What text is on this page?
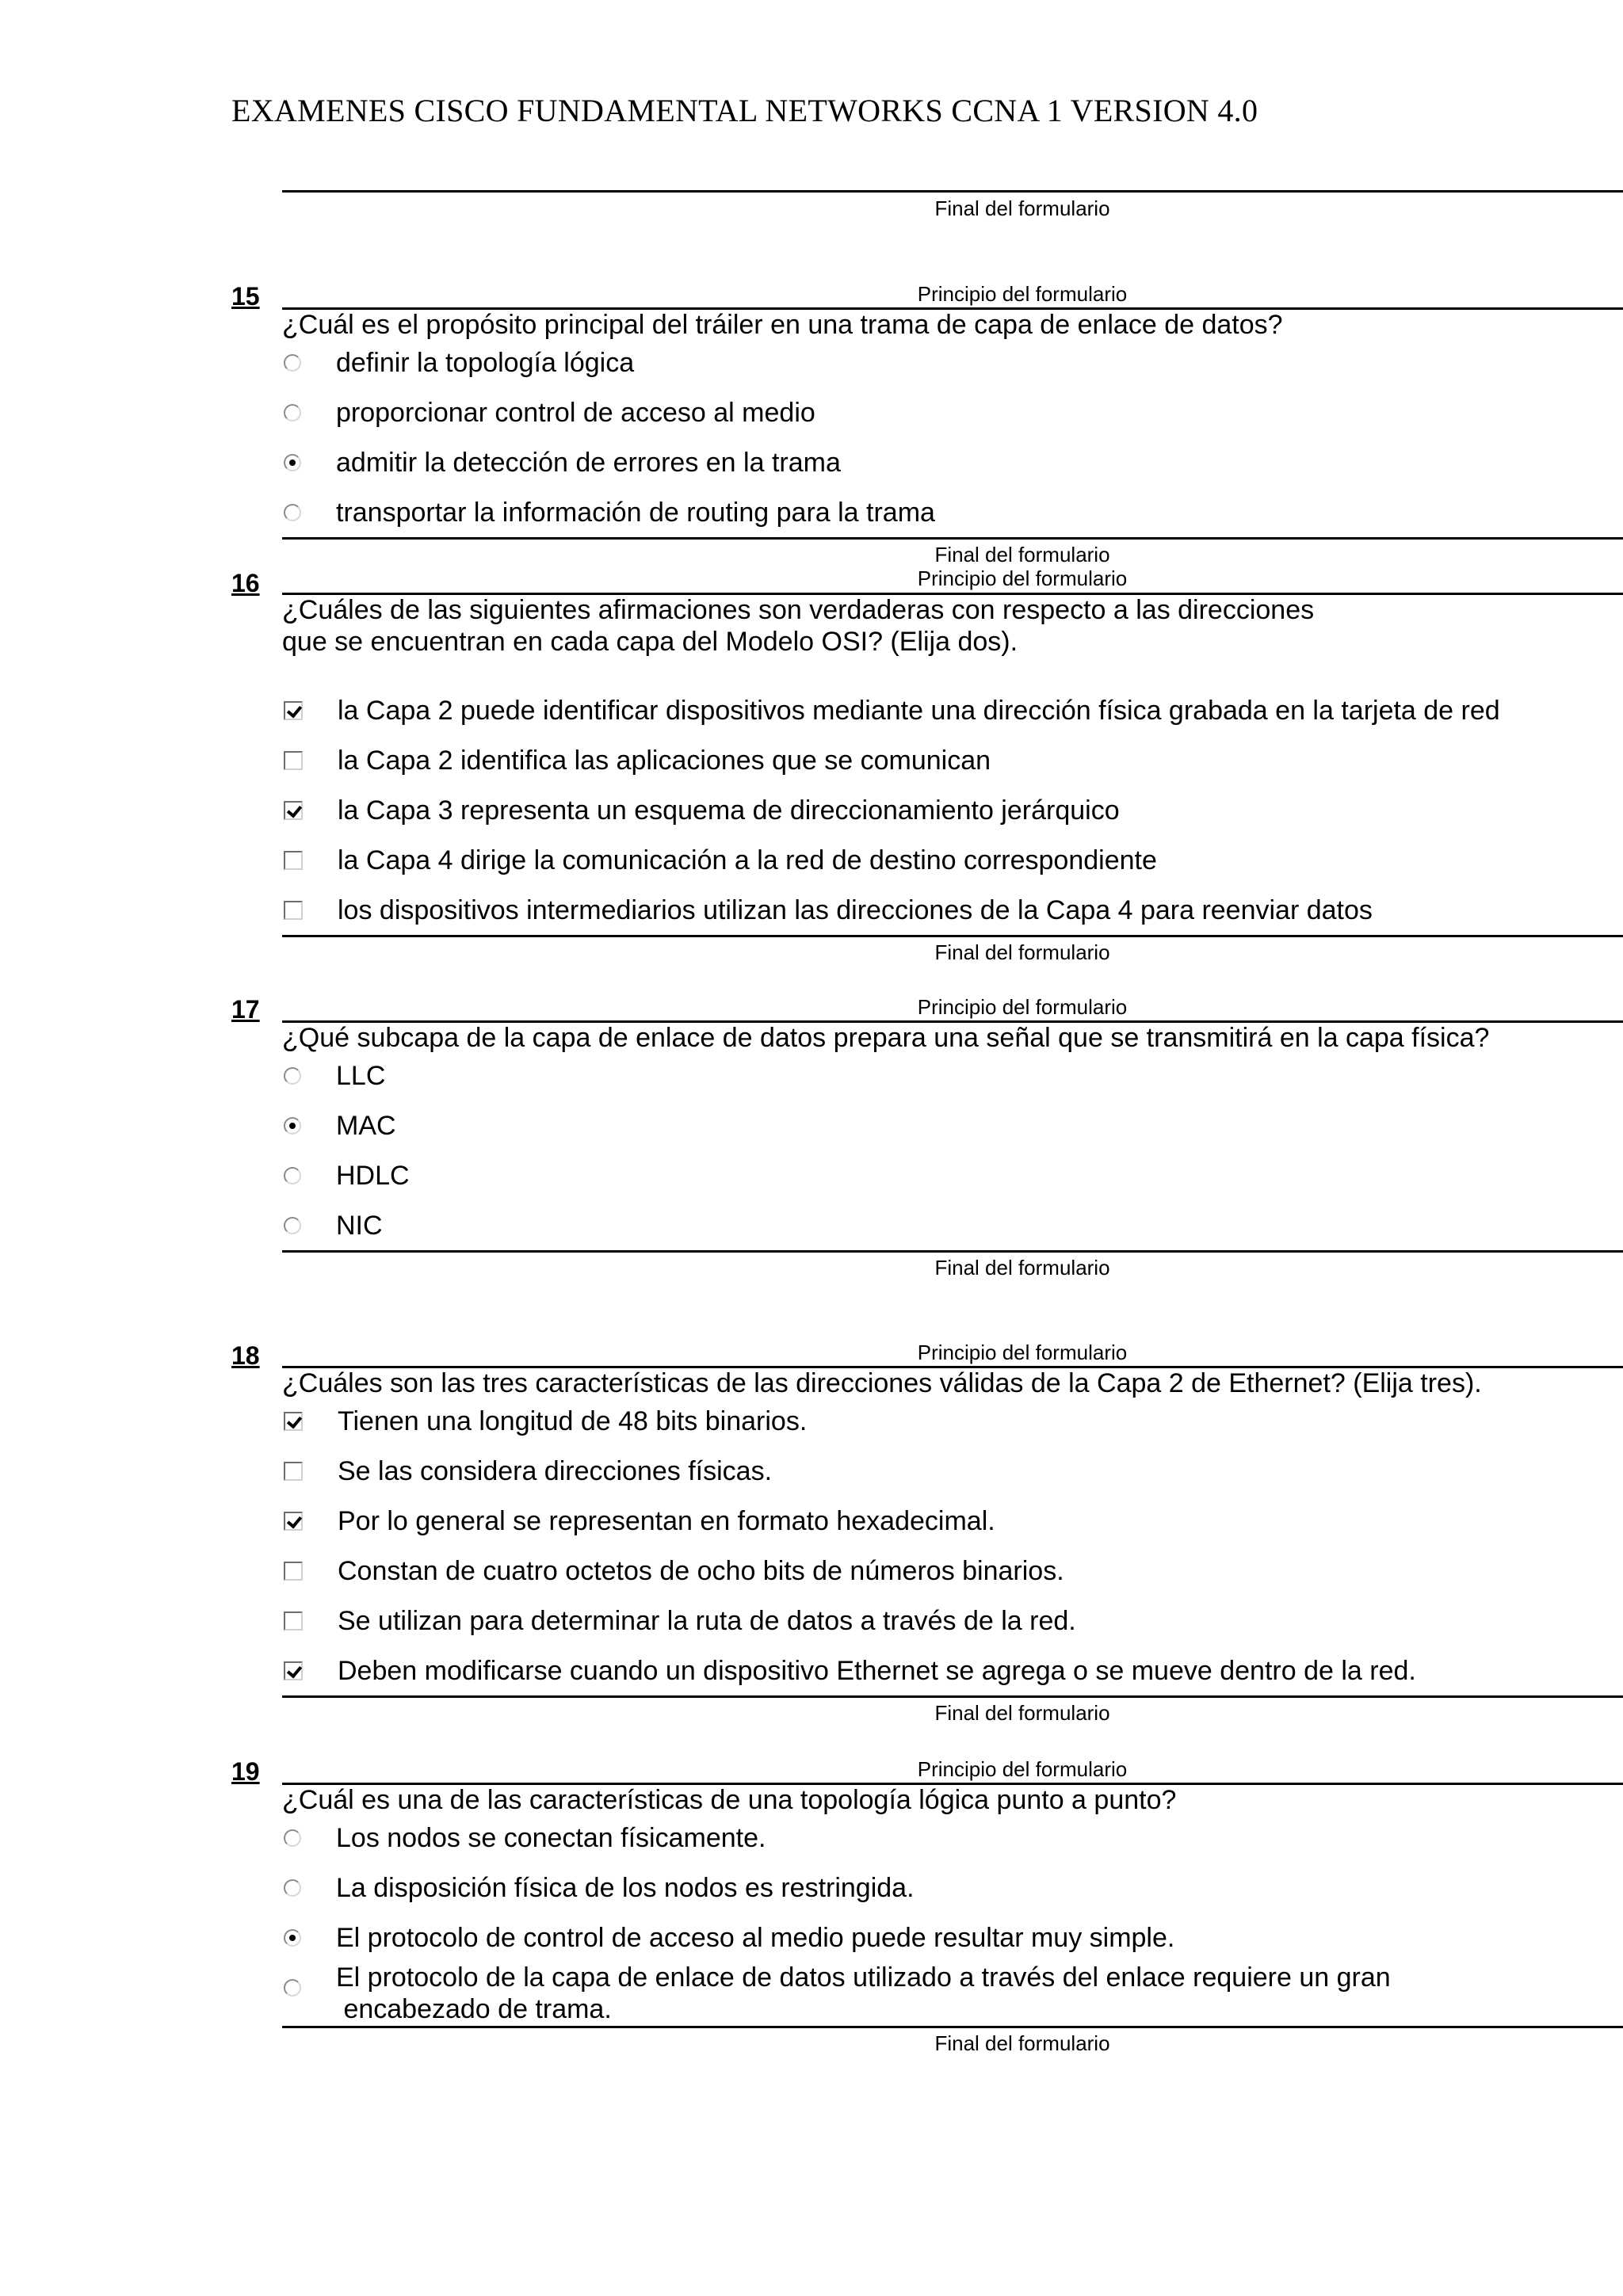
EXAMENES CISCO FUNDAMENTAL NETWORKS CCNA 1 VERSION 4.0
Final del formulario
15	Principio del formulario
¿Cuál es el propósito principal del tráiler en una trama de capa de enlace de datos?
definir la topología lógica
proporcionar control de acceso al medio
admitir la detección de errores en la trama
transportar la información de routing para la trama
Final del formulario
Principio del formulario
16
¿Cuáles de las siguientes afirmaciones son verdaderas con respecto a las direcciones
que se encuentran en cada capa del Modelo OSI? (Elija dos).
la Capa 2 puede identificar dispositivos mediante una dirección física grabada en la tarjeta de red
la Capa 2 identifica las aplicaciones que se comunican
la Capa 3 representa un esquema de direccionamiento jerárquico
la Capa 4 dirige la comunicación a la red de destino correspondiente
los dispositivos intermediarios utilizan las direcciones de la Capa 4 para reenviar datos
Final del formulario
17	Principio del formulario
¿Qué subcapa de la capa de enlace de datos prepara una señal que se transmitirá en la capa física?
LLC
MAC
HDLC
NIC
Final del formulario
18	Principio del formulario
¿Cuáles son las tres características de las direcciones válidas de la Capa 2 de Ethernet? (Elija tres).
Tienen una longitud de 48 bits binarios.
Se las considera direcciones físicas.
Por lo general se representan en formato hexadecimal.
Constan de cuatro octetos de ocho bits de números binarios.
Se utilizan para determinar la ruta de datos a través de la red.
Deben modificarse cuando un dispositivo Ethernet se agrega o se mueve dentro de la red.
Final del formulario
19	Principio del formulario
¿Cuál es una de las características de una topología lógica punto a punto?
Los nodos se conectan físicamente.
La disposición física de los nodos es restringida.
El protocolo de control de acceso al medio puede resultar muy simple.
El protocolo de la capa de enlace de datos utilizado a través del enlace requiere un gran
encabezado de trama.
Final del formulario
